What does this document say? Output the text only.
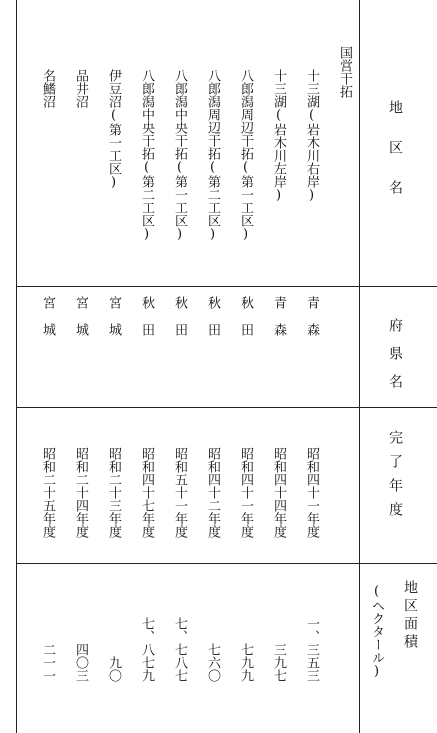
地区名
府県名
完了年度
地区面積
(ヘクタール)
国営干拓
十三湖(岩木川右岸)
青森
昭和四十一年度
一、三五三
十三湖(岩木川左岸)
青森
昭和四十四年度
三九七
八郎潟周辺干拓(第一工区)
秋田
昭和四十一年度
七九九
八郎潟周辺干拓(第二工区)
秋田
昭和四十二年度
七六〇
八郎潟中央干拓(第一工区)
秋田
昭和五十一年度
七、七八七
八郎潟中央干拓(第二工区)
秋田
昭和四十七年度
七、八七九
伊豆沼(第一工区)
宮城
昭和二十三年度
九〇
品井沼
宮城
昭和二十四年度
四〇三
名鰭沼
宮城
昭和二十五年度
二一一
